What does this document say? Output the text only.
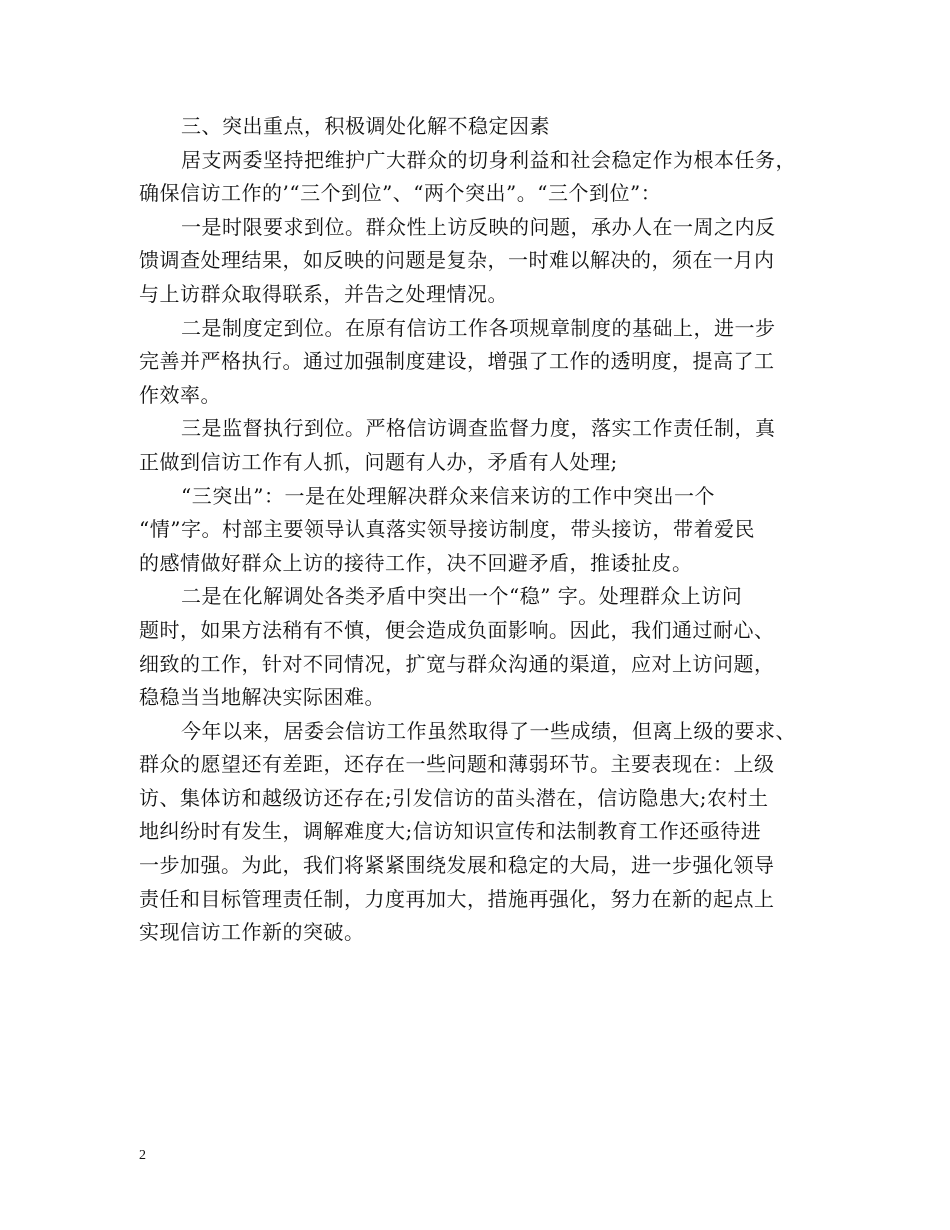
三、突出重点，积极调处化解不稳定因素
居支两委坚持把维护广大群众的切身利益和社会稳定作为根本任务，
确保信访工作的’“三个到位”、“两个突出”。“三个到位”：
一是时限要求到位。群众性上访反映的问题，承办人在一周之内反
馈调查处理结果，如反映的问题是复杂，一时难以解决的，须在一月内
与上访群众取得联系，并告之处理情况。
二是制度定到位。在原有信访工作各项规章制度的基础上，进一步
完善并严格执行。通过加强制度建设，增强了工作的透明度，提高了工
作效率。
三是监督执行到位。严格信访调查监督力度，落实工作责任制，真
正做到信访工作有人抓，问题有人办，矛盾有人处理;
“三突出”：一是在处理解决群众来信来访的工作中突出一个
“情”字。村部主要领导认真落实领导接访制度，带头接访，带着爱民
的感情做好群众上访的接待工作，决不回避矛盾，推诿扯皮。
二是在化解调处各类矛盾中突出一个“稳” 字。处理群众上访问
题时，如果方法稍有不慎，便会造成负面影响。因此，我们通过耐心、
细致的工作，针对不同情况，扩宽与群众沟通的渠道，应对上访问题，
稳稳当当地解决实际困难。
今年以来，居委会信访工作虽然取得了一些成绩，但离上级的要求、
群众的愿望还有差距，还存在一些问题和薄弱环节。主要表现在：上级
访、集体访和越级访还存在;引发信访的苗头潜在，信访隐患大;农村土
地纠纷时有发生，调解难度大;信访知识宣传和法制教育工作还亟待进
一步加强。为此，我们将紧紧围绕发展和稳定的大局，进一步强化领导
责任和目标管理责任制，力度再加大，措施再强化，努力在新的起点上
实现信访工作新的突破。
2
